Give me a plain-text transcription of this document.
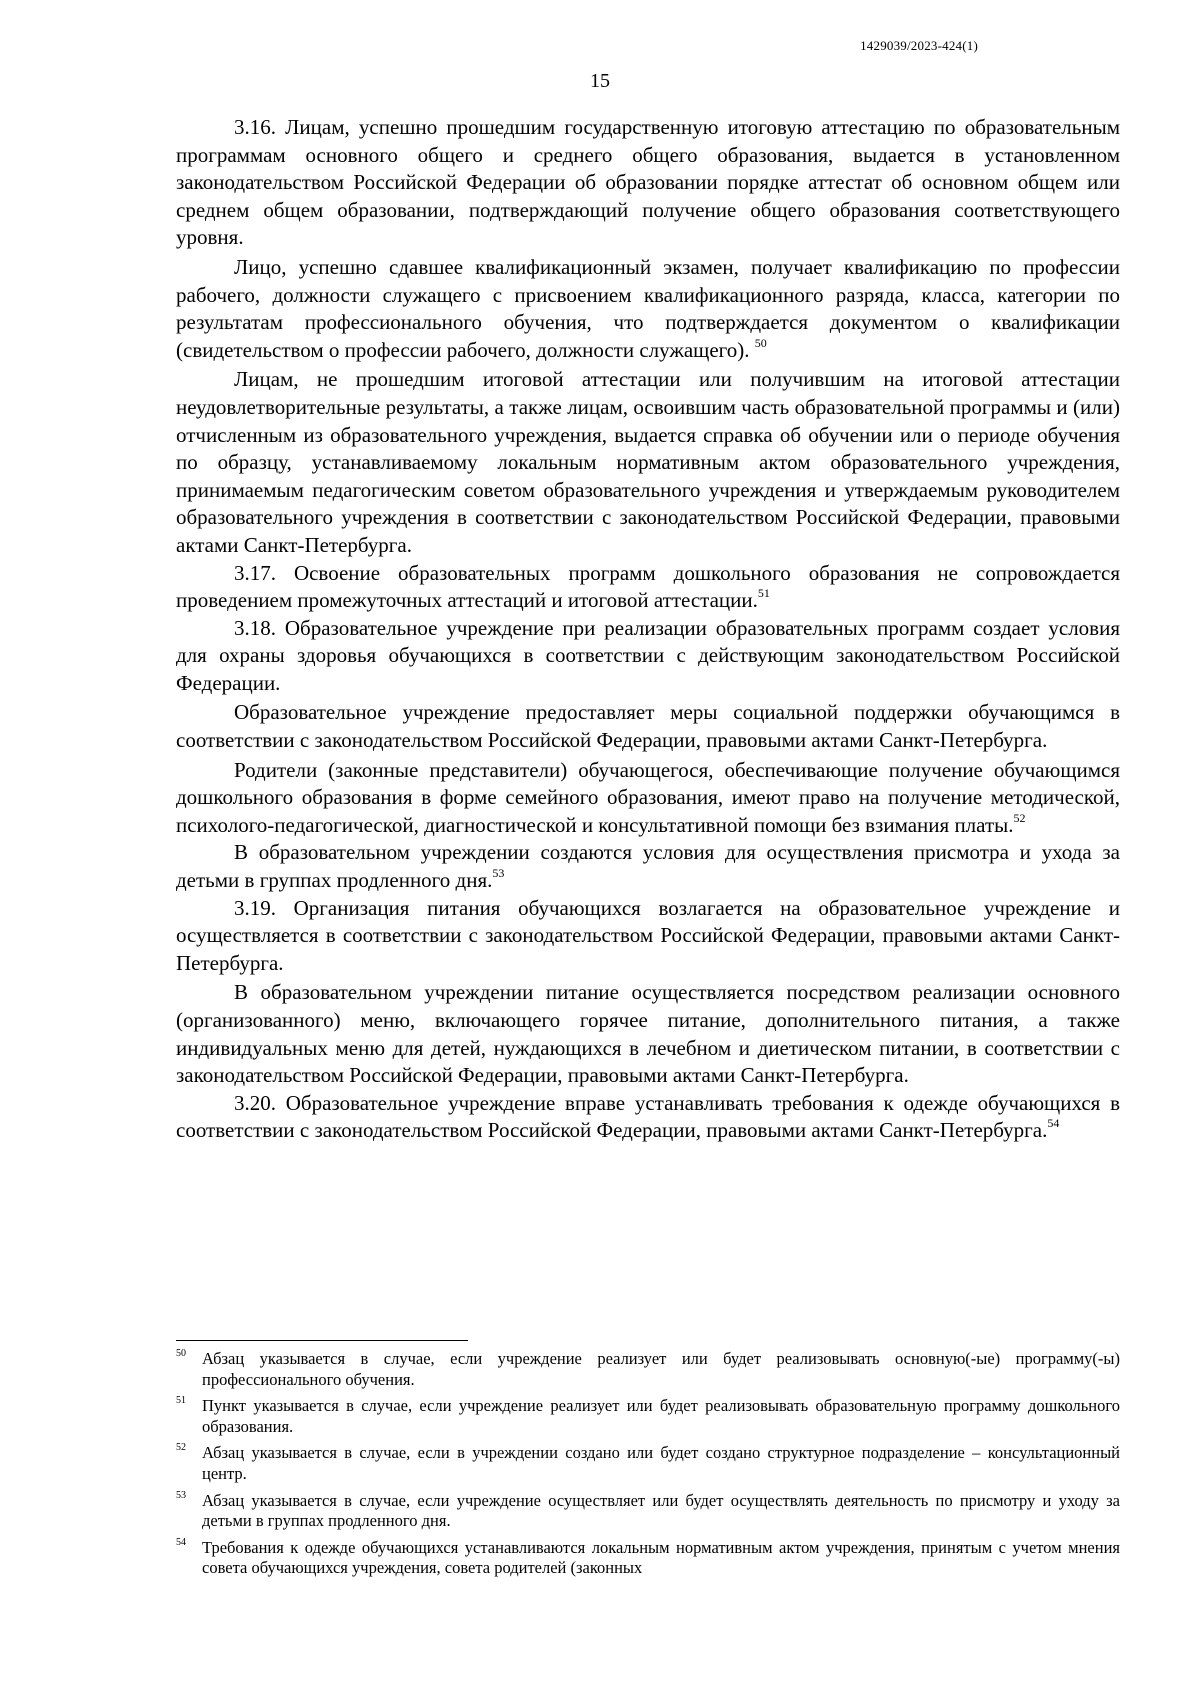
1429039/2023-424(1)
15

3.16. Лицам, успешно прошедшим государственную итоговую аттестацию по образовательным программам основного общего и среднего общего образования, выдается в установленном законодательством Российской Федерации об образовании порядке аттестат об основном общем или среднем общем образовании, подтверждающий получение общего образования соответствующего уровня.

Лицо, успешно сдавшее квалификационный экзамен, получает квалификацию по профессии рабочего, должности служащего с присвоением квалификационного разряда, класса, категории по результатам профессионального обучения, что подтверждается документом о квалификации (свидетельством о профессии рабочего, должности служащего). $^{50}$

Лицам, не прошедшим итоговой аттестации или получившим на итоговой аттестации неудовлетворительные результаты, а также лицам, освоившим часть образовательной программы и (или) отчисленным из образовательного учреждения, выдается справка об обучении или о периоде обучения по образцу, устанавливаемому локальным нормативным актом образовательного учреждения, принимаемым педагогическим советом образовательного учреждения и утверждаемым руководителем образовательного учреждения в соответствии с законодательством Российской Федерации, правовыми актами Санкт-Петербурга.

3.17. Освоение образовательных программ дошкольного образования не сопровождается проведением промежуточных аттестаций и итоговой аттестации.$^{51}$

3.18. Образовательное учреждение при реализации образовательных программ создает условия для охраны здоровья обучающихся в соответствии с действующим законодательством Российской Федерации.

Образовательное учреждение предоставляет меры социальной поддержки обучающимся в соответствии с законодательством Российской Федерации, правовыми актами Санкт-Петербурга.

Родители (законные представители) обучающегося, обеспечивающие получение обучающимся дошкольного образования в форме семейного образования, имеют право на получение методической, психолого-педагогической, диагностической и консультативной помощи без взимания платы.$^{52}$

В образовательном учреждении создаются условия для осуществления присмотра и ухода за детьми в группах продленного дня.$^{53}$

3.19. Организация питания обучающихся возлагается на образовательное учреждение и осуществляется в соответствии с законодательством Российской Федерации, правовыми актами Санкт-Петербурга.

В образовательном учреждении питание осуществляется посредством реализации основного (организованного) меню, включающего горячее питание, дополнительного питания, а также индивидуальных меню для детей, нуждающихся в лечебном и диетическом питании, в соответствии с законодательством Российской Федерации, правовыми актами Санкт-Петербурга.

3.20. Образовательное учреждение вправе устанавливать требования к одежде обучающихся в соответствии с законодательством Российской Федерации, правовыми актами Санкт-Петербурга.$^{54}$

50 Абзац указывается в случае, если учреждение реализует или будет реализовывать основную(-ые) программу(-ы) профессионального обучения.
51 Пункт указывается в случае, если учреждение реализует или будет реализовывать образовательную программу дошкольного образования.
52 Абзац указывается в случае, если в учреждении создано или будет создано структурное подразделение – консультационный центр.
53 Абзац указывается в случае, если учреждение осуществляет или будет осуществлять деятельность по присмотру и уходу за детьми в группах продленного дня.
54 Требования к одежде обучающихся устанавливаются локальным нормативным актом учреждения, принятым с учетом мнения совета обучающихся учреждения, совета родителей (законных
